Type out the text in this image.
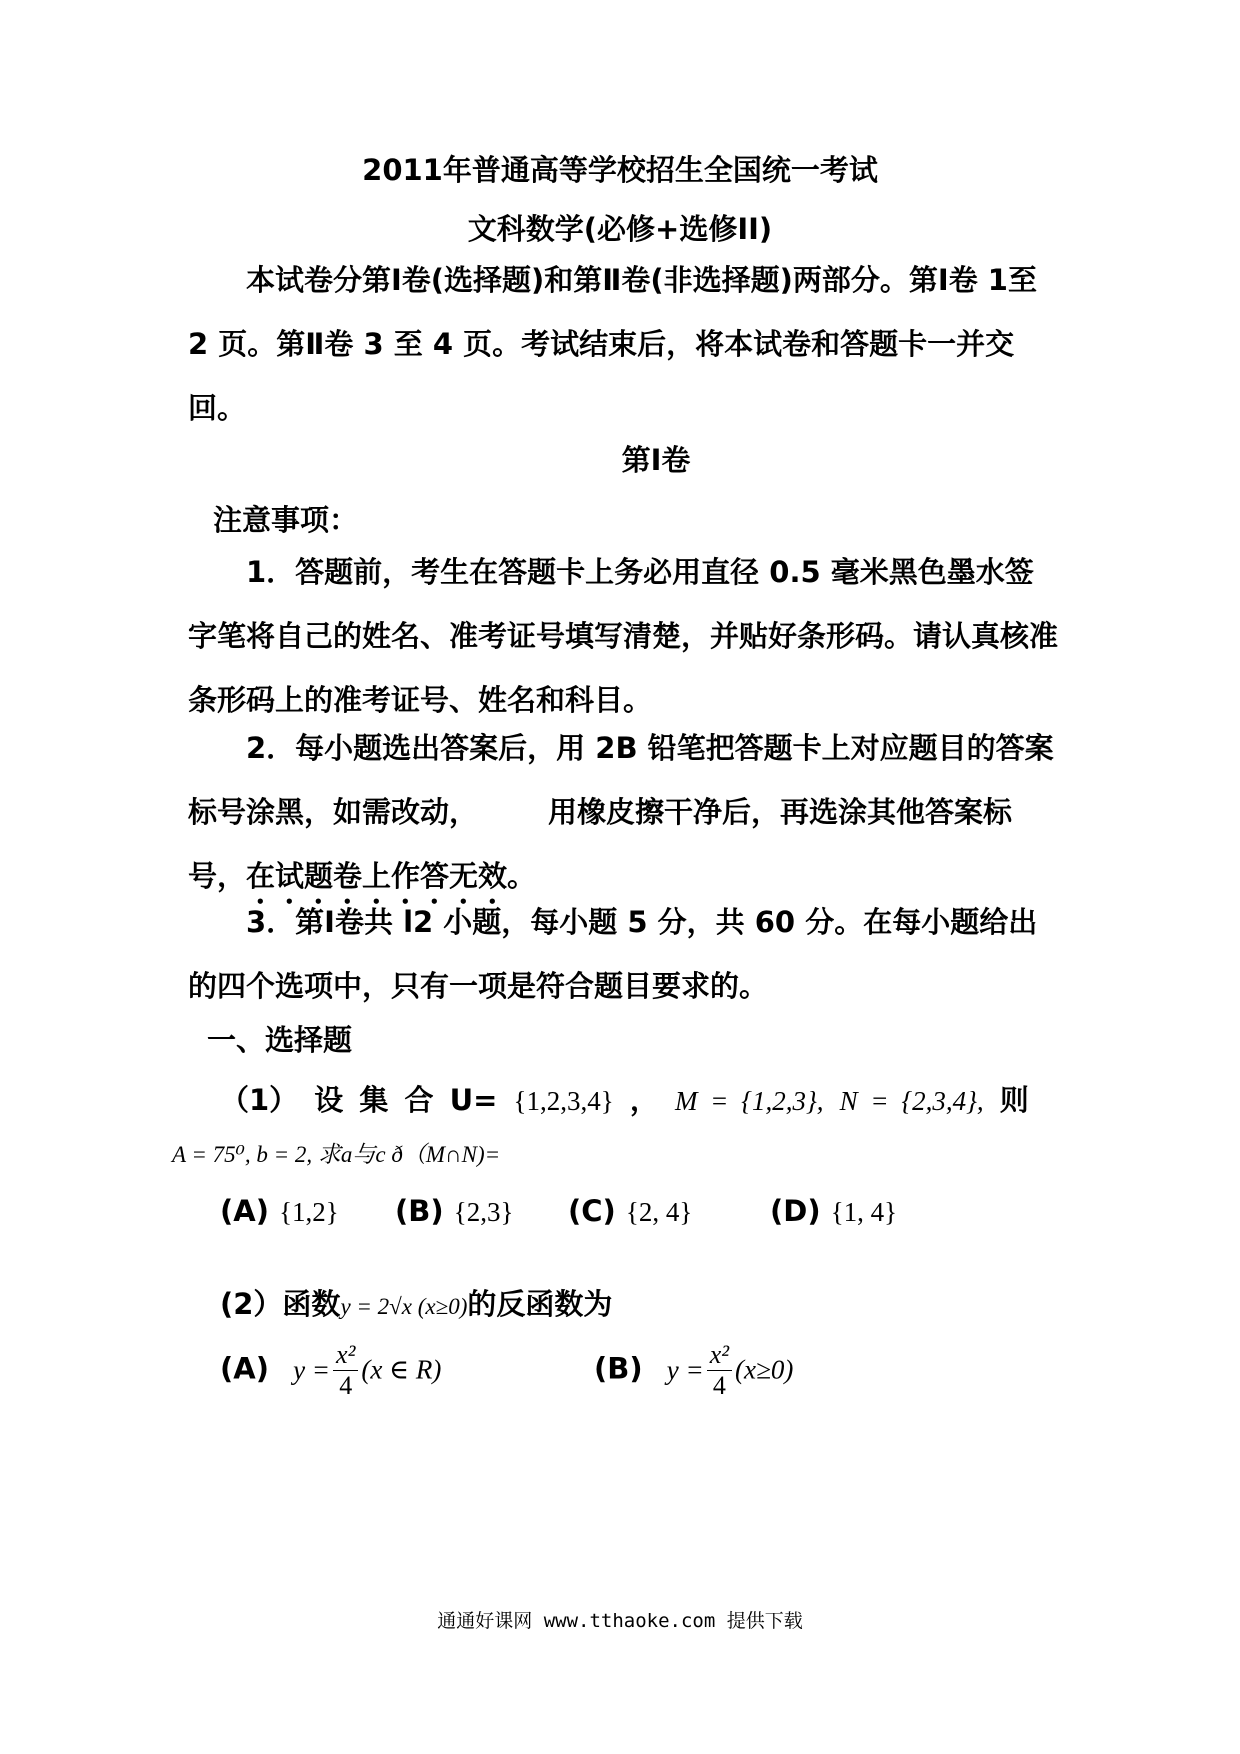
2011年普通高等学校招生全国统一考试
文科数学(必修+选修II)
本试卷分第Ⅰ卷(选择题)和第Ⅱ卷(非选择题)两部分。第Ⅰ卷 1至 2 页。第Ⅱ卷 3 至 4 页。考试结束后，将本试卷和答题卡一并交回。
第Ⅰ卷
注意事项：
1．答题前，考生在答题卡上务必用直径 0.5 毫米黑色墨水签字笔将自己的姓名、准考证号填写清楚，并贴好条形码。请认真核准条形码上的准考证号、姓名和科目。
2．每小题选出答案后，用 2B 铅笔把答题卡上对应题目的答案标号涂黑，如需改动， 用橡皮擦干净后，再选涂其他答案标号，在试题卷上作答无效。
3．第Ⅰ卷共 l2 小题，每小题 5 分，共 60 分。在每小题给出的四个选项中，只有一项是符合题目要求的。
一、选择题
（1） 设 集 合 U= {1,2,3,4} ， M = {1,2,3}, N = {2,3,4}, 则
A = 75⁰, b = 2, 求a与c ð（M∩N)=
(A) {1,2} (B) {2,3} (C) {2, 4}	(D) {1, 4}
(2）函数y = 2√x (x≥0)的反函数为
(A) $y = \frac{\text{x²}}{4} (x$ ∈ R)	(B) $y = \frac{\text{x²}}{4} (x\ge 0)$
通通好课网 www.tthaoke.com 提供下载
